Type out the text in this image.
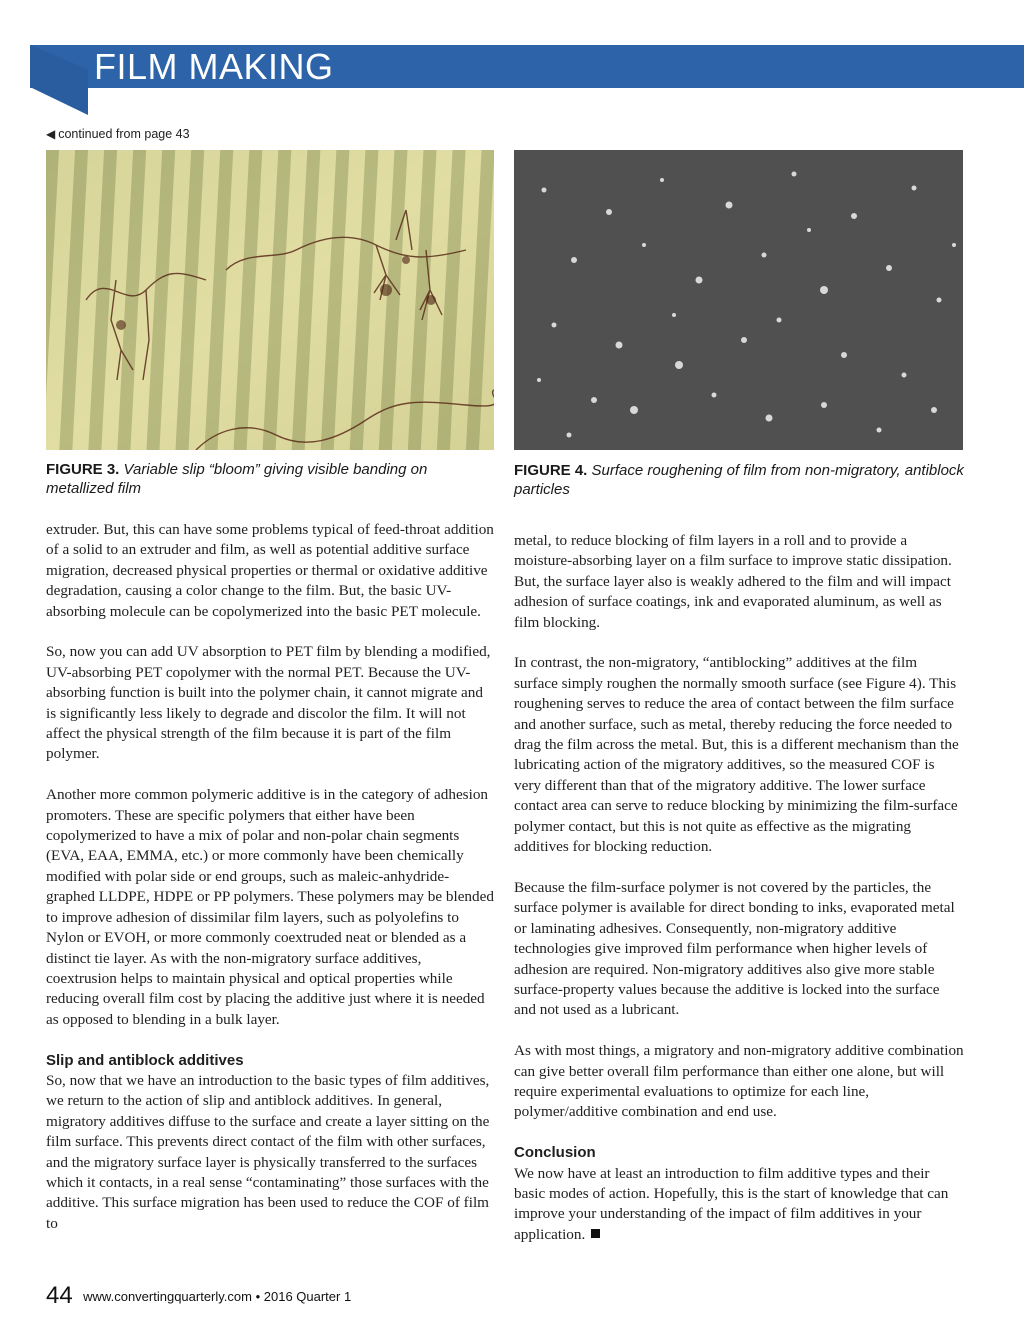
FILM MAKING
◀ continued from page 43
FIGURE 3. Variable slip “bloom” giving visible banding on metallized film
FIGURE 4. Surface roughening of film from non-migratory, antiblock particles

extruder. But, this can have some problems typical of feed-throat addition of a solid to an extruder and film, as well as potential additive surface migration, decreased physical properties or thermal or oxidative additive degradation, causing a color change to the film. But, the basic UV-absorbing molecule can be copolymerized into the basic PET molecule.

So, now you can add UV absorption to PET film by blending a modified, UV-absorbing PET copolymer with the normal PET. Because the UV-absorbing function is built into the polymer chain, it cannot migrate and is significantly less likely to degrade and discolor the film. It will not affect the physical strength of the film because it is part of the film polymer.

Another more common polymeric additive is in the category of adhesion promoters. These are specific polymers that either have been copolymerized to have a mix of polar and non-polar chain segments (EVA, EAA, EMMA, etc.) or more commonly have been chemically modified with polar side or end groups, such as maleic-anhydride-graphed LLDPE, HDPE or PP polymers. These polymers may be blended to improve adhesion of dissimilar film layers, such as polyolefins to Nylon or EVOH, or more commonly coextruded neat or blended as a distinct tie layer. As with the non-migratory surface additives, coextrusion helps to maintain physical and optical properties while reducing overall film cost by placing the additive just where it is needed as opposed to blending in a bulk layer.

Slip and antiblock additives

So, now that we have an introduction to the basic types of film additives, we return to the action of slip and antiblock additives. In general, migratory additives diffuse to the surface and create a layer sitting on the film surface. This prevents direct contact of the film with other surfaces, and the migratory surface layer is physically transferred to the surfaces which it contacts, in a real sense “contaminating” those surfaces with the additive. This surface migration has been used to reduce the COF of film to

metal, to reduce blocking of film layers in a roll and to provide a moisture-absorbing layer on a film surface to improve static dissipation. But, the surface layer also is weakly adhered to the film and will impact adhesion of surface coatings, ink and evaporated aluminum, as well as film blocking.

In contrast, the non-migratory, “antiblocking” additives at the film surface simply roughen the normally smooth surface (see Figure 4). This roughening serves to reduce the area of contact between the film surface and another surface, such as metal, thereby reducing the force needed to drag the film across the metal. But, this is a different mechanism than the lubricating action of the migratory additives, so the measured COF is very different than that of the migratory additive. The lower surface contact area can serve to reduce blocking by minimizing the film-surface polymer contact, but this is not quite as effective as the migrating additives for blocking reduction.

Because the film-surface polymer is not covered by the particles, the surface polymer is available for direct bonding to inks, evaporated metal or laminating adhesives. Consequently, non-migratory additive technologies give improved film performance when higher levels of adhesion are required. Non-migratory additives also give more stable surface-property values because the additive is locked into the surface and not used as a lubricant.

As with most things, a migratory and non-migratory additive combination can give better overall film performance than either one alone, but will require experimental evaluations to optimize for each line, polymer/additive combination and end use.

Conclusion

We now have at least an introduction to film additive types and their basic modes of action. Hopefully, this is the start of knowledge that can improve your understanding of the impact of film additives in your application.

44 www.convertingquarterly.com • 2016 Quarter 1
